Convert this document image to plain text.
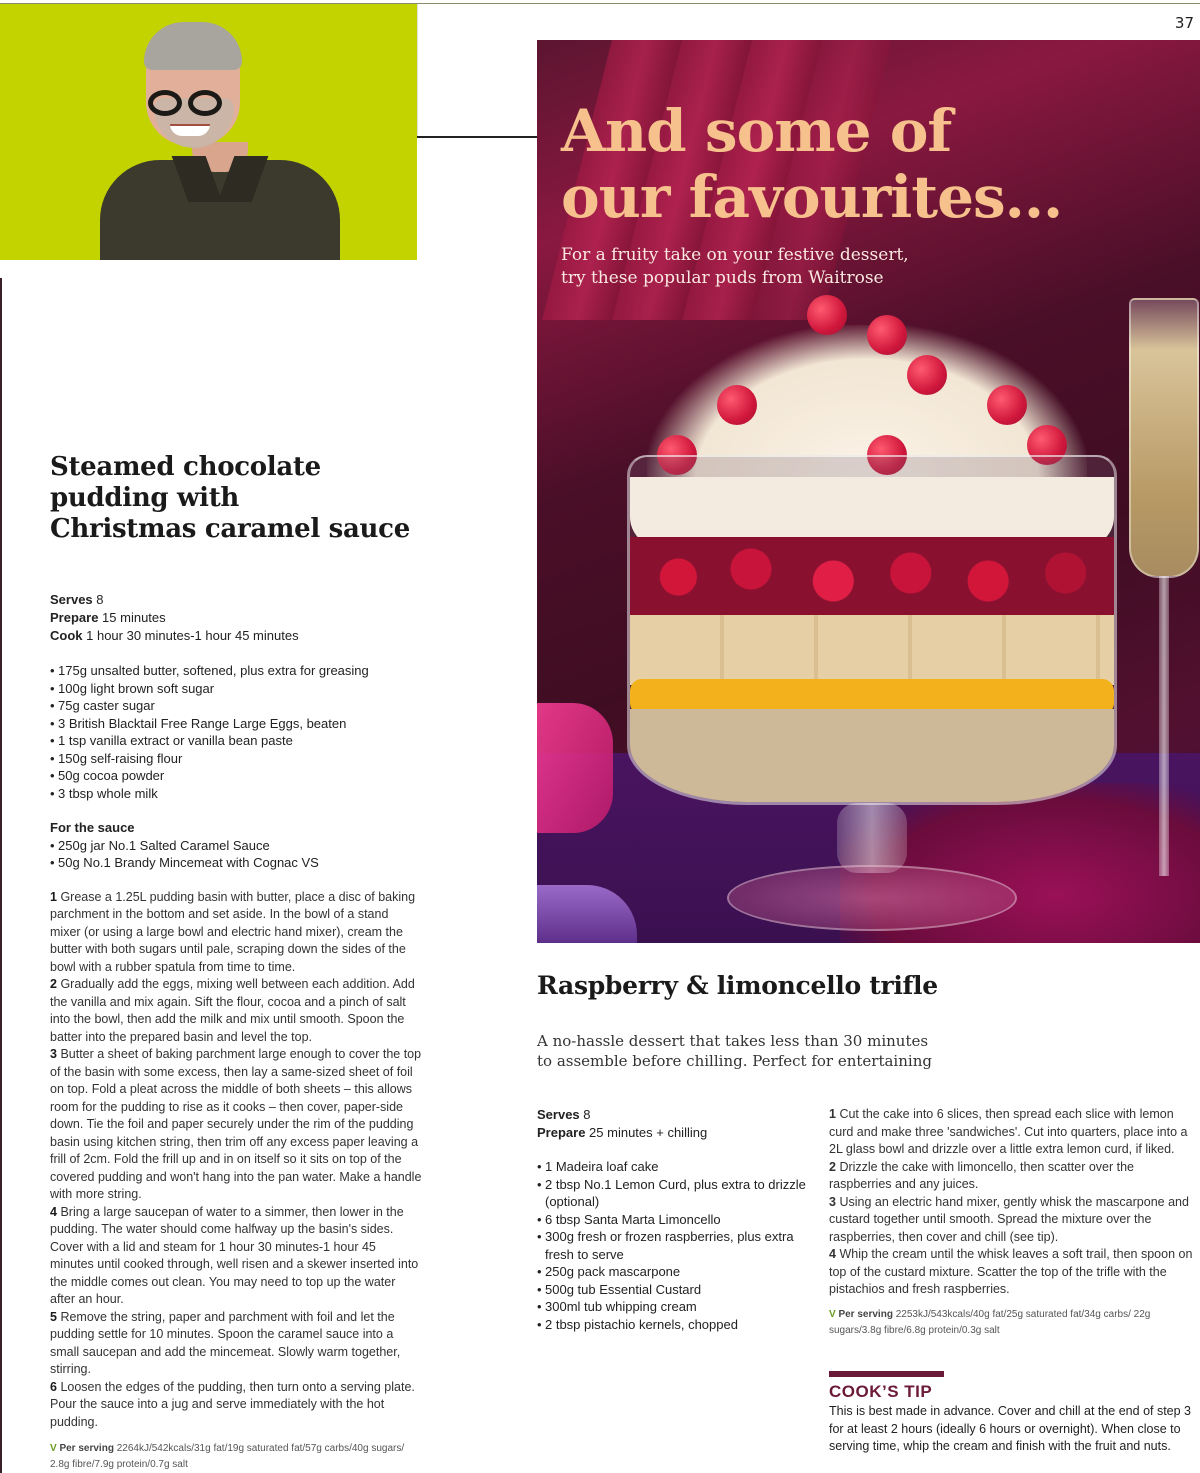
37
Steamed chocolate
pudding with
Christmas caramel sauce
Serves 8
Prepare 15 minutes
Cook 1 hour 30 minutes-1 hour 45 minutes
• 175g unsalted butter, softened, plus extra for greasing
• 100g light brown soft sugar
• 75g caster sugar
• 3 British Blacktail Free Range Large Eggs, beaten
• 1 tsp vanilla extract or vanilla bean paste
• 150g self-raising flour
• 50g cocoa powder
• 3 tbsp whole milk
For the sauce
• 250g jar No.1 Salted Caramel Sauce
• 50g No.1 Brandy Mincemeat with Cognac VS

1 Grease a 1.25L pudding basin with butter, place a disc of baking parchment in the bottom and set aside. In the bowl of a stand mixer (or using a large bowl and electric hand mixer), cream the butter with both sugars until pale, scraping down the sides of the bowl with a rubber spatula from time to time.

2 Gradually add the eggs, mixing well between each addition. Add the vanilla and mix again. Sift the flour, cocoa and a pinch of salt into the bowl, then add the milk and mix until smooth. Spoon the batter into the prepared basin and level the top.

3 Butter a sheet of baking parchment large enough to cover the top of the basin with some excess, then lay a same-sized sheet of foil on top. Fold a pleat across the middle of both sheets – this allows room for the pudding to rise as it cooks – then cover, paper-side down. Tie the foil and paper securely under the rim of the pudding basin using kitchen string, then trim off any excess paper leaving a frill of 2cm. Fold the frill up and in on itself so it sits on top of the covered pudding and won't hang into the pan water. Make a handle with more string.

4 Bring a large saucepan of water to a simmer, then lower in the pudding. The water should come halfway up the basin's sides. Cover with a lid and steam for 1 hour 30 minutes-1 hour 45 minutes until cooked through, well risen and a skewer inserted into the middle comes out clean. You may need to top up the water after an hour.

5 Remove the string, paper and parchment with foil and let the pudding settle for 10 minutes. Spoon the caramel sauce into a small saucepan and add the mincemeat. Slowly warm together, stirring.

6 Loosen the edges of the pudding, then turn onto a serving plate. Pour the sauce into a jug and serve immediately with the hot pudding.

V Per serving 2264kJ/542kcals/31g fat/19g saturated fat/57g carbs/40g sugars/ 2.8g fibre/7.9g protein/0.7g salt
And some of
our favourites...
For a fruity take on your festive dessert,
try these popular puds from Waitrose
Raspberry & limoncello trifle
A no-hassle dessert that takes less than 30 minutes
to assemble before chilling. Perfect for entertaining
Serves 8
Prepare 25 minutes + chilling
• 1 Madeira loaf cake
• 2 tbsp No.1 Lemon Curd, plus extra to drizzle (optional)
• 6 tbsp Santa Marta Limoncello
• 300g fresh or frozen raspberries, plus extra fresh to serve
• 250g pack mascarpone
• 500g tub Essential Custard
• 300ml tub whipping cream
• 2 tbsp pistachio kernels, chopped

1 Cut the cake into 6 slices, then spread each slice with lemon curd and make three 'sandwiches'. Cut into quarters, place into a 2L glass bowl and drizzle over a little extra lemon curd, if liked.

2 Drizzle the cake with limoncello, then scatter over the raspberries and any juices.

3 Using an electric hand mixer, gently whisk the mascarpone and custard together until smooth. Spread the mixture over the raspberries, then cover and chill (see tip).

4 Whip the cream until the whisk leaves a soft trail, then spoon on top of the custard mixture. Scatter the top of the trifle with the pistachios and fresh raspberries.

V Per serving 2253kJ/543kcals/40g fat/25g saturated fat/34g carbs/ 22g sugars/3.8g fibre/6.8g protein/0.3g salt
COOK’S TIP
This is best made in advance. Cover and chill at the end of step 3 for at least 2 hours (ideally 6 hours or overnight). When close to serving time, whip the cream and finish with the fruit and nuts.
